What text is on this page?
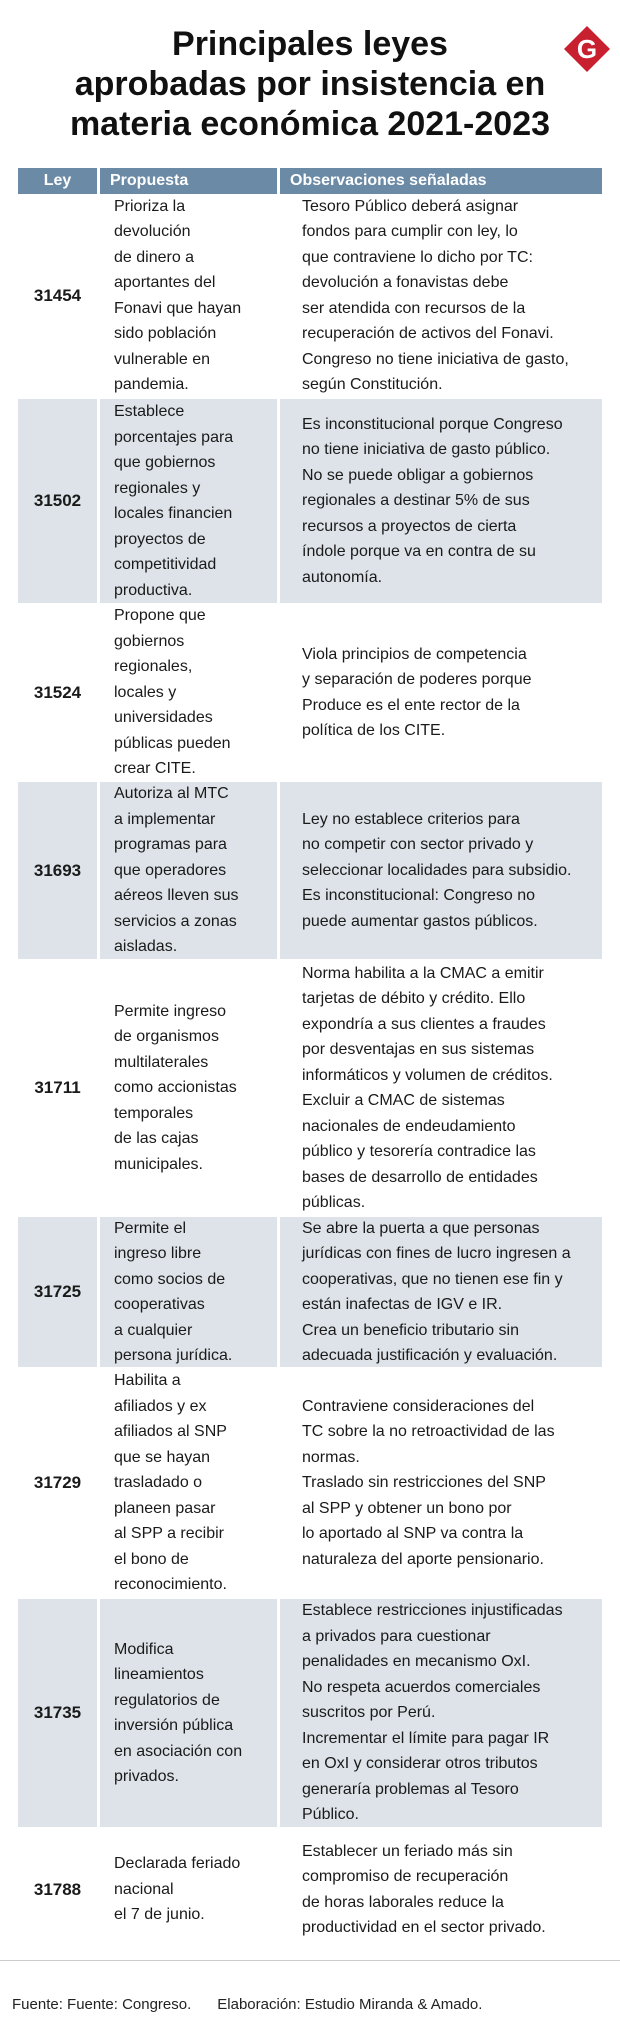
Principales leyes
aprobadas por insistencia en
materia económica 2021-2023
G
Ley	Propuesta	Observaciones señaladas
31454
Prioriza la
devolución
de dinero a
aportantes del
Fonavi que hayan
sido población
vulnerable en
pandemia.
Tesoro Público deberá asignar
fondos para cumplir con ley, lo
que contraviene lo dicho por TC:
devolución a fonavistas debe
ser atendida con recursos de la
recuperación de activos del Fonavi.
Congreso no tiene iniciativa de gasto,
según Constitución.
31502
Establece
porcentajes para
que gobiernos
regionales y
locales financien
proyectos de
competitividad
productiva.
Es inconstitucional porque Congreso
no tiene iniciativa de gasto público.
No se puede obligar a gobiernos
regionales a destinar 5% de sus
recursos a proyectos de cierta
índole porque va en contra de su
autonomía.
31524
Propone que
gobiernos
regionales,
locales y
universidades
públicas pueden
crear CITE.
Viola principios de competencia
y separación de poderes porque
Produce es el ente rector de la
política de los CITE.
31693
Autoriza al MTC
a implementar
programas para
que operadores
aéreos lleven sus
servicios a zonas
aisladas.
Ley no establece criterios para
no competir con sector privado y
seleccionar localidades para subsidio.
Es inconstitucional: Congreso no
puede aumentar gastos públicos.
31711
Permite ingreso
de organismos
multilaterales
como accionistas
temporales
de las cajas
municipales.
Norma habilita a la CMAC a emitir
tarjetas de débito y crédito. Ello
expondría a sus clientes a fraudes
por desventajas en sus sistemas
informáticos y volumen de créditos.
Excluir a CMAC de sistemas
nacionales de endeudamiento
público y tesorería contradice las
bases de desarrollo de entidades
públicas.
31725
Permite el
ingreso libre
como socios de
cooperativas
a cualquier
persona jurídica.
Se abre la puerta a que personas
jurídicas con fines de lucro ingresen a
cooperativas, que no tienen ese fin y
están inafectas de IGV e IR.
Crea un beneficio tributario sin
adecuada justificación y evaluación.
31729
Habilita a
afiliados y ex
afiliados al SNP
que se hayan
trasladado o
planeen pasar
al SPP a recibir
el bono de
reconocimiento.
Contraviene consideraciones del
TC sobre la no retroactividad de las
normas.
Traslado sin restricciones del SNP
al SPP y obtener un bono por
lo aportado al SNP va contra la
naturaleza del aporte pensionario.
31735
Modifica
lineamientos
regulatorios de
inversión pública
en asociación con
privados.
Establece restricciones injustificadas
a privados para cuestionar
penalidades en mecanismo OxI.
No respeta acuerdos comerciales
suscritos por Perú.
Incrementar el límite para pagar IR
en OxI y considerar otros tributos
generaría problemas al Tesoro
Público.
31788
Declarada feriado
nacional
el 7 de junio.
Establecer un feriado más sin
compromiso de recuperación
de horas laborales reduce la
productividad en el sector privado.
Fuente: Fuente: Congreso. Elaboración: Estudio Miranda & Amado.
